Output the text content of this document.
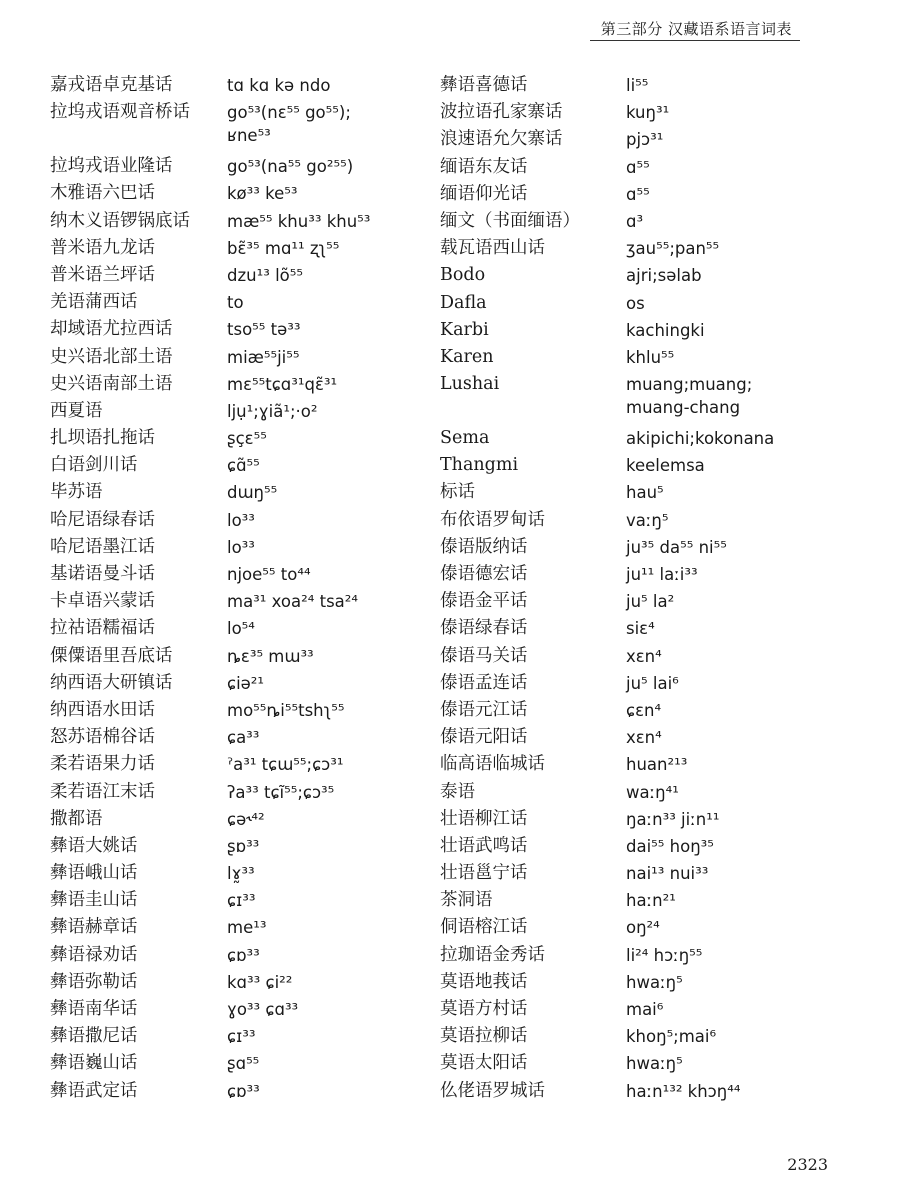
第三部分 汉藏语系语言词表
嘉戎语卓克基话	tɑ kɑ kə ndo
拉坞戎语观音桥话	go⁵³(nɛ⁵⁵ go⁵⁵);
ʁne⁵³
拉坞戎语业隆话	go⁵³(na⁵⁵ go²⁵⁵)
木雅语六巴话	kø³³ ke⁵³
纳木义语锣锅底话	mæ⁵⁵ khu³³ khu⁵³
普米语九龙话	bɛ̃³⁵ mɑ¹¹ ʐʅ⁵⁵
普米语兰坪话	dzu¹³ lõ⁵⁵
羌语蒲西话	to
却域语尤拉西话	tso⁵⁵ tə³³
史兴语北部土语	miæ⁵⁵ji⁵⁵
史兴语南部土语	mɛ⁵⁵tɕɑ³¹qɛ̃³¹
西夏语	ljụ¹;ɣiã¹;·o²
扎坝语扎拖话	ʂçɛ⁵⁵
白语剑川话	ɕɑ̃⁵⁵
毕苏语	dɯŋ⁵⁵
哈尼语绿春话	lo³³
哈尼语墨江话	lo³³
基诺语曼斗话	njoe⁵⁵ to⁴⁴
卡卓语兴蒙话	ma³¹ xoa²⁴ tsa²⁴
拉祜语糯福话	lo⁵⁴
傈僳语里吾底话	ȵɛ³⁵ mɯ³³
纳西语大研镇话	ɕiə²¹
纳西语水田话	mo⁵⁵ȵi⁵⁵tshʅ⁵⁵
怒苏语棉谷话	ɕa³³
柔若语果力话	ˀa³¹ tɕɯ⁵⁵;ɕɔ³¹
柔若语江末话	ʔa³³ tɕĩ⁵⁵;ɕɔ³⁵
撒都语	ɕə˞⁴²
彝语大姚话	ʂɒ³³
彝语峨山话	lɤ̰³³
彝语圭山话	ɕɪ³³
彝语赫章话	me¹³
彝语禄劝话	ɕɒ³³
彝语弥勒话	kɑ³³ ɕi²²
彝语南华话	ɣo³³ ɕɑ³³
彝语撒尼话	ɕɪ³³
彝语巍山话	ʂɑ⁵⁵
彝语武定话	ɕɒ³³
彝语喜德话	li⁵⁵
波拉语孔家寨话	kuŋ³¹
浪速语允欠寨话	pjɔ³¹
缅语东友话	ɑ⁵⁵
缅语仰光话	ɑ⁵⁵
缅文（书面缅语）	ɑ³
载瓦语西山话	ʒau⁵⁵;pan⁵⁵
Bodo	ajri;səlab
Dafla	os
Karbi	kachingki
Karen	khlu⁵⁵
Lushai	muang;muang;
muang-chang
Sema	akipichi;kokonana
Thangmi	keelemsa
标话	hau⁵
布依语罗甸话	vaːŋ⁵
傣语版纳话	ju³⁵ da⁵⁵ ni⁵⁵
傣语德宏话	ju¹¹ laːi³³
傣语金平话	ju⁵ la²
傣语绿春话	siɛ⁴
傣语马关话	xɛn⁴
傣语孟连话	ju⁵ lai⁶
傣语元江话	ɕɛn⁴
傣语元阳话	xɛn⁴
临高语临城话	huan²¹³
泰语	waːŋ⁴¹
壮语柳江话	ŋaːn³³ jiːn¹¹
壮语武鸣话	dai⁵⁵ hoŋ³⁵
壮语邕宁话	nai¹³ nui³³
茶洞语	haːn²¹
侗语榕江话	oŋ²⁴
拉珈语金秀话	li²⁴ hɔːŋ⁵⁵
莫语地莪话	hwaːŋ⁵
莫语方村话	mai⁶
莫语拉柳话	khoŋ⁵;mai⁶
莫语太阳话	hwaːŋ⁵
仫佬语罗城话	haːn¹³² khɔŋ⁴⁴
2323
